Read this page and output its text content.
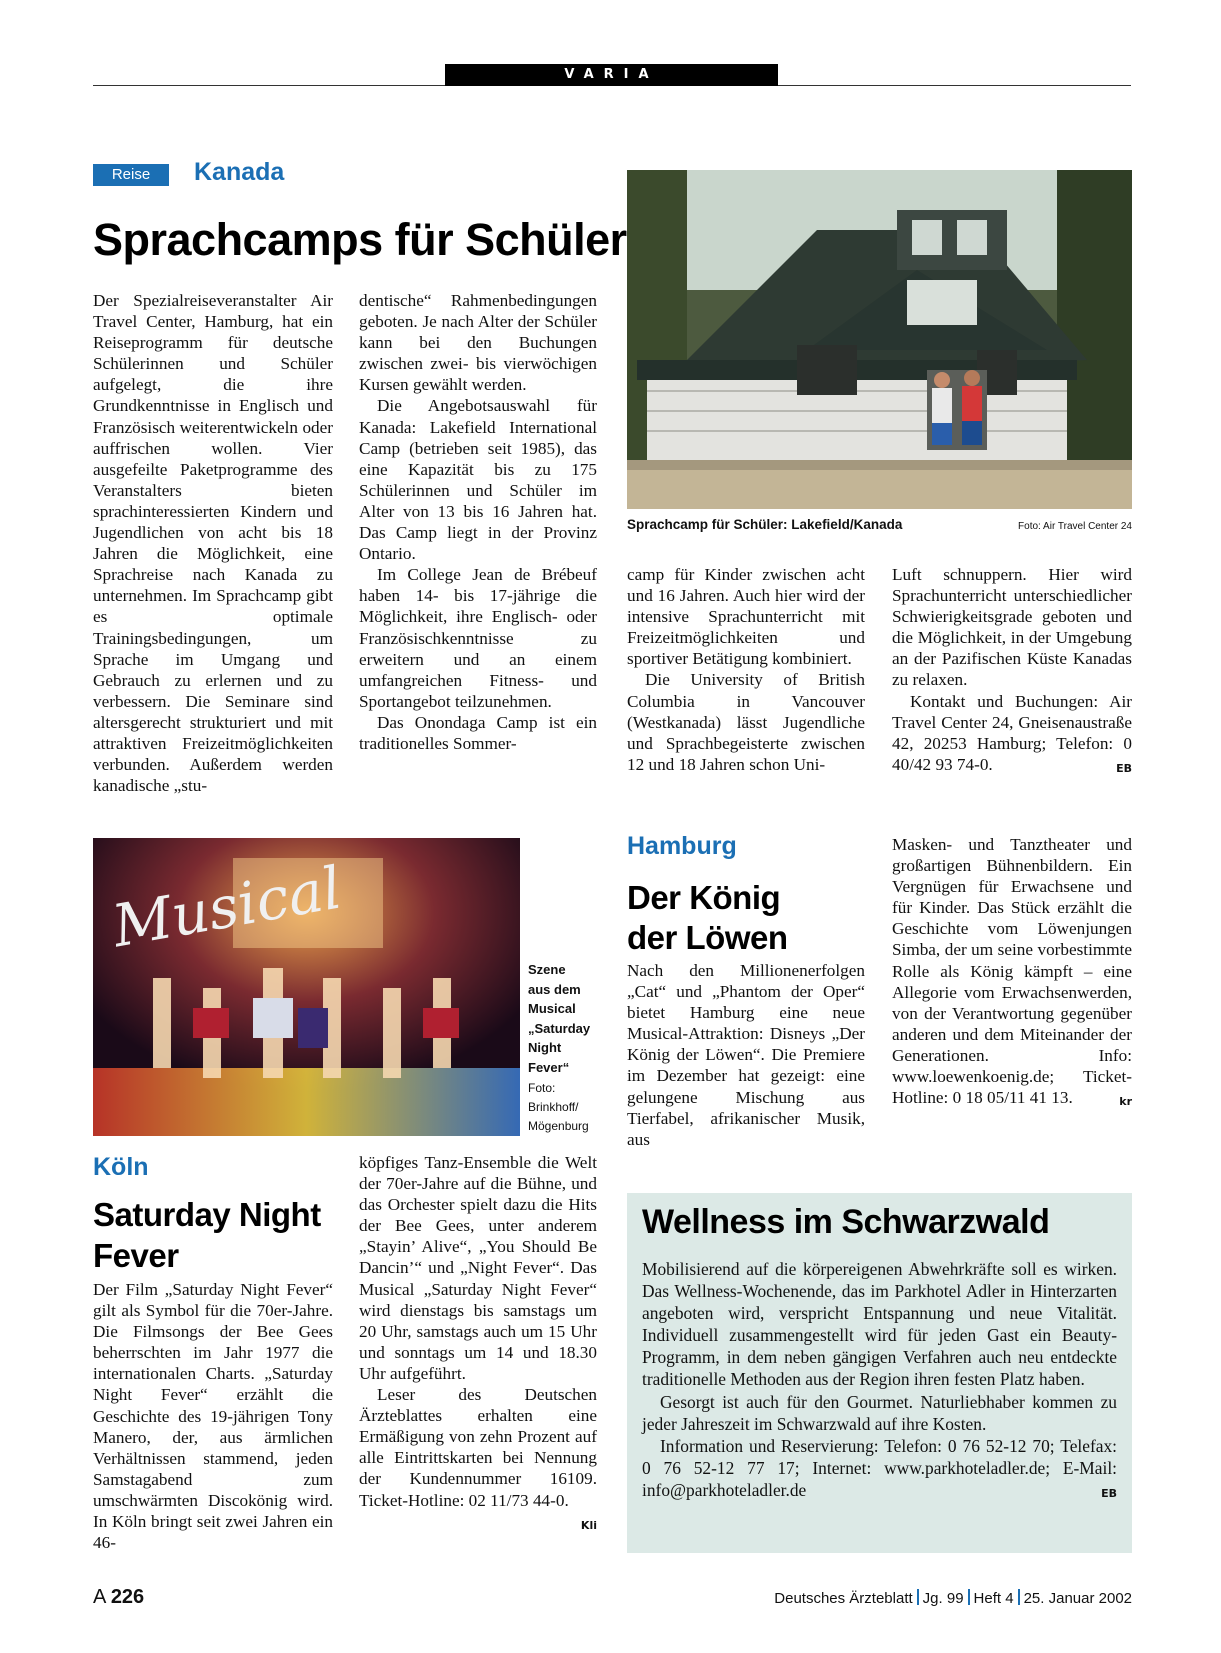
VARIA
Reise	Kanada
Sprachcamps für Schüler

Der Spezialreiseveranstalter Air Travel Center, Hamburg, hat ein Reiseprogramm für deutsche Schülerinnen und Schüler aufgelegt, die ihre Grundkenntnisse in Englisch und Französisch weiterentwickeln oder auffrischen wollen. Vier ausgefeilte Paketprogramme des Veranstalters bieten sprachinteressierten Kindern und Jugendlichen von acht bis 18 Jahren die Möglichkeit, eine Sprachreise nach Kanada zu unternehmen. Im Sprachcamp gibt es optimale Trainingsbedingungen, um Sprache im Umgang und Gebrauch zu erlernen und zu verbessern. Die Seminare sind altersgerecht strukturiert und mit attraktiven Freizeitmöglichkeiten verbunden. Außerdem werden kanadische „stu-

dentische“ Rahmenbedingungen geboten. Je nach Alter der Schüler kann bei den Buchungen zwischen zwei- bis vierwöchigen Kursen gewählt werden.

Die Angebotsauswahl für Kanada: Lakefield International Camp (betrieben seit 1985), das eine Kapazität bis zu 175 Schülerinnen und Schüler im Alter von 13 bis 16 Jahren hat. Das Camp liegt in der Provinz Ontario.

Im College Jean de Brébeuf haben 14- bis 17-jährige die Möglichkeit, ihre Englisch- oder Französischkenntnisse zu erweitern und an einem umfangreichen Fitness- und Sportangebot teilzunehmen.

Das Onondaga Camp ist ein traditionelles Sommer-

Sprachcamp für Schüler: Lakefield/Kanada	Foto: Air Travel Center 24

camp für Kinder zwischen acht und 16 Jahren. Auch hier wird der intensive Sprachunterricht mit Freizeitmöglichkeiten und sportiver Betätigung kombiniert.

Die University of British Columbia in Vancouver (Westkanada) lässt Jugendliche und Sprachbegeisterte zwischen 12 und 18 Jahren schon Uni-

Luft schnuppern. Hier wird Sprachunterricht unterschiedlicher Schwierigkeitsgrade geboten und die Möglichkeit, in der Umgebung an der Pazifischen Küste Kanadas zu relaxen.

Kontakt und Buchungen: Air Travel Center 24, Gneisenaustraße 42, 20253 Hamburg; Telefon: 0 40/42 93 74-0.	EB

Musical
Szene
aus dem
Musical
„Saturday
Night
Fever“
Foto:
Brinkhoff/
Mögenburg
Köln
Saturday Night
Fever

Der Film „Saturday Night Fever“ gilt als Symbol für die 70er-Jahre. Die Filmsongs der Bee Gees beherrschten im Jahr 1977 die internationalen Charts. „Saturday Night Fever“ erzählt die Geschichte des 19-jährigen Tony Manero, der, aus ärmlichen Verhältnissen stammend, jeden Samstagabend zum umschwärmten Discokönig wird. In Köln bringt seit zwei Jahren ein 46-

köpfiges Tanz-Ensemble die Welt der 70er-Jahre auf die Bühne, und das Orchester spielt dazu die Hits der Bee Gees, unter anderem „Stayin’ Alive“, „You Should Be Dancin’“ und „Night Fever“. Das Musical „Saturday Night Fever“ wird dienstags bis samstags um 20 Uhr, samstags auch um 15 Uhr und sonntags um 14 und 18.30 Uhr aufgeführt.

Leser des Deutschen Ärzteblattes erhalten eine Ermäßigung von zehn Prozent auf alle Eintrittskarten bei Nennung der Kundennummer 16109. Ticket-Hotline: 02 11/73 44-0.
Kli

Hamburg
Der König
der Löwen

Nach den Millionenerfolgen „Cat“ und „Phantom der Oper“ bietet Hamburg eine neue Musical-Attraktion: Disneys „Der König der Löwen“. Die Premiere im Dezember hat gezeigt: eine gelungene Mischung aus Tierfabel, afrikanischer Musik, aus

Masken- und Tanztheater und großartigen Bühnenbildern. Ein Vergnügen für Erwachsene und für Kinder. Das Stück erzählt die Geschichte vom Löwenjungen Simba, der um seine vorbestimmte Rolle als König kämpft – eine Allegorie vom Erwachsenwerden, von der Verantwortung gegenüber anderen und dem Miteinander der Generationen. Info: www.loewenkoenig.de; Ticket-Hotline: 0 18 05/11 41 13.	kr

Wellness im Schwarzwald

Mobilisierend auf die körpereigenen Abwehrkräfte soll es wirken. Das Wellness-Wochenende, das im Parkhotel Adler in Hinterzarten angeboten wird, verspricht Entspannung und neue Vitalität. Individuell zusammengestellt wird für jeden Gast ein Beauty-Programm, in dem neben gängigen Verfahren auch neu entdeckte traditionelle Methoden aus der Region ihren festen Platz haben.

Gesorgt ist auch für den Gourmet. Naturliebhaber kommen zu jeder Jahreszeit im Schwarzwald auf ihre Kosten.

Information und Reservierung: Telefon: 0 76 52-12 70; Telefax: 0 76 52-12 77 17; Internet: www.parkhoteladler.de; E-Mail: info@parkhoteladler.de	EB

A 226	Deutsches Ärzteblatt Jg. 99 Heft 4 25. Januar 2002
